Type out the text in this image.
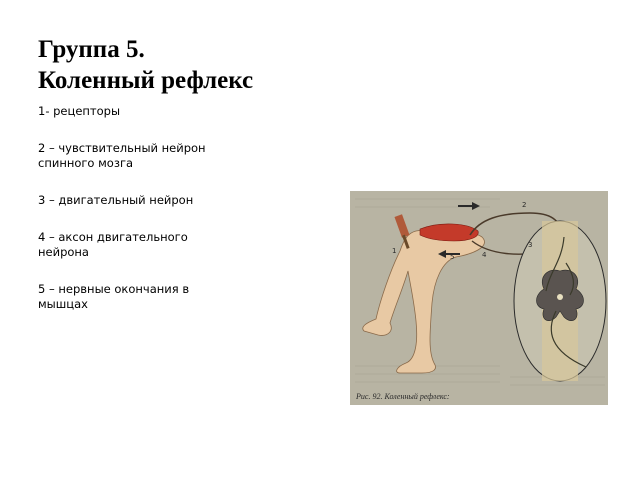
Группа 5.
Коленный рефлекс
1- рецепторы
2 – чувствительный нейрон
спинного мозга
3 – двигательный нейрон
4 – аксон двигательного
нейрона
5 – нервные окончания в
мышцах
1
2
3
4
5
Рис. 92. Коленный рефлекс:
